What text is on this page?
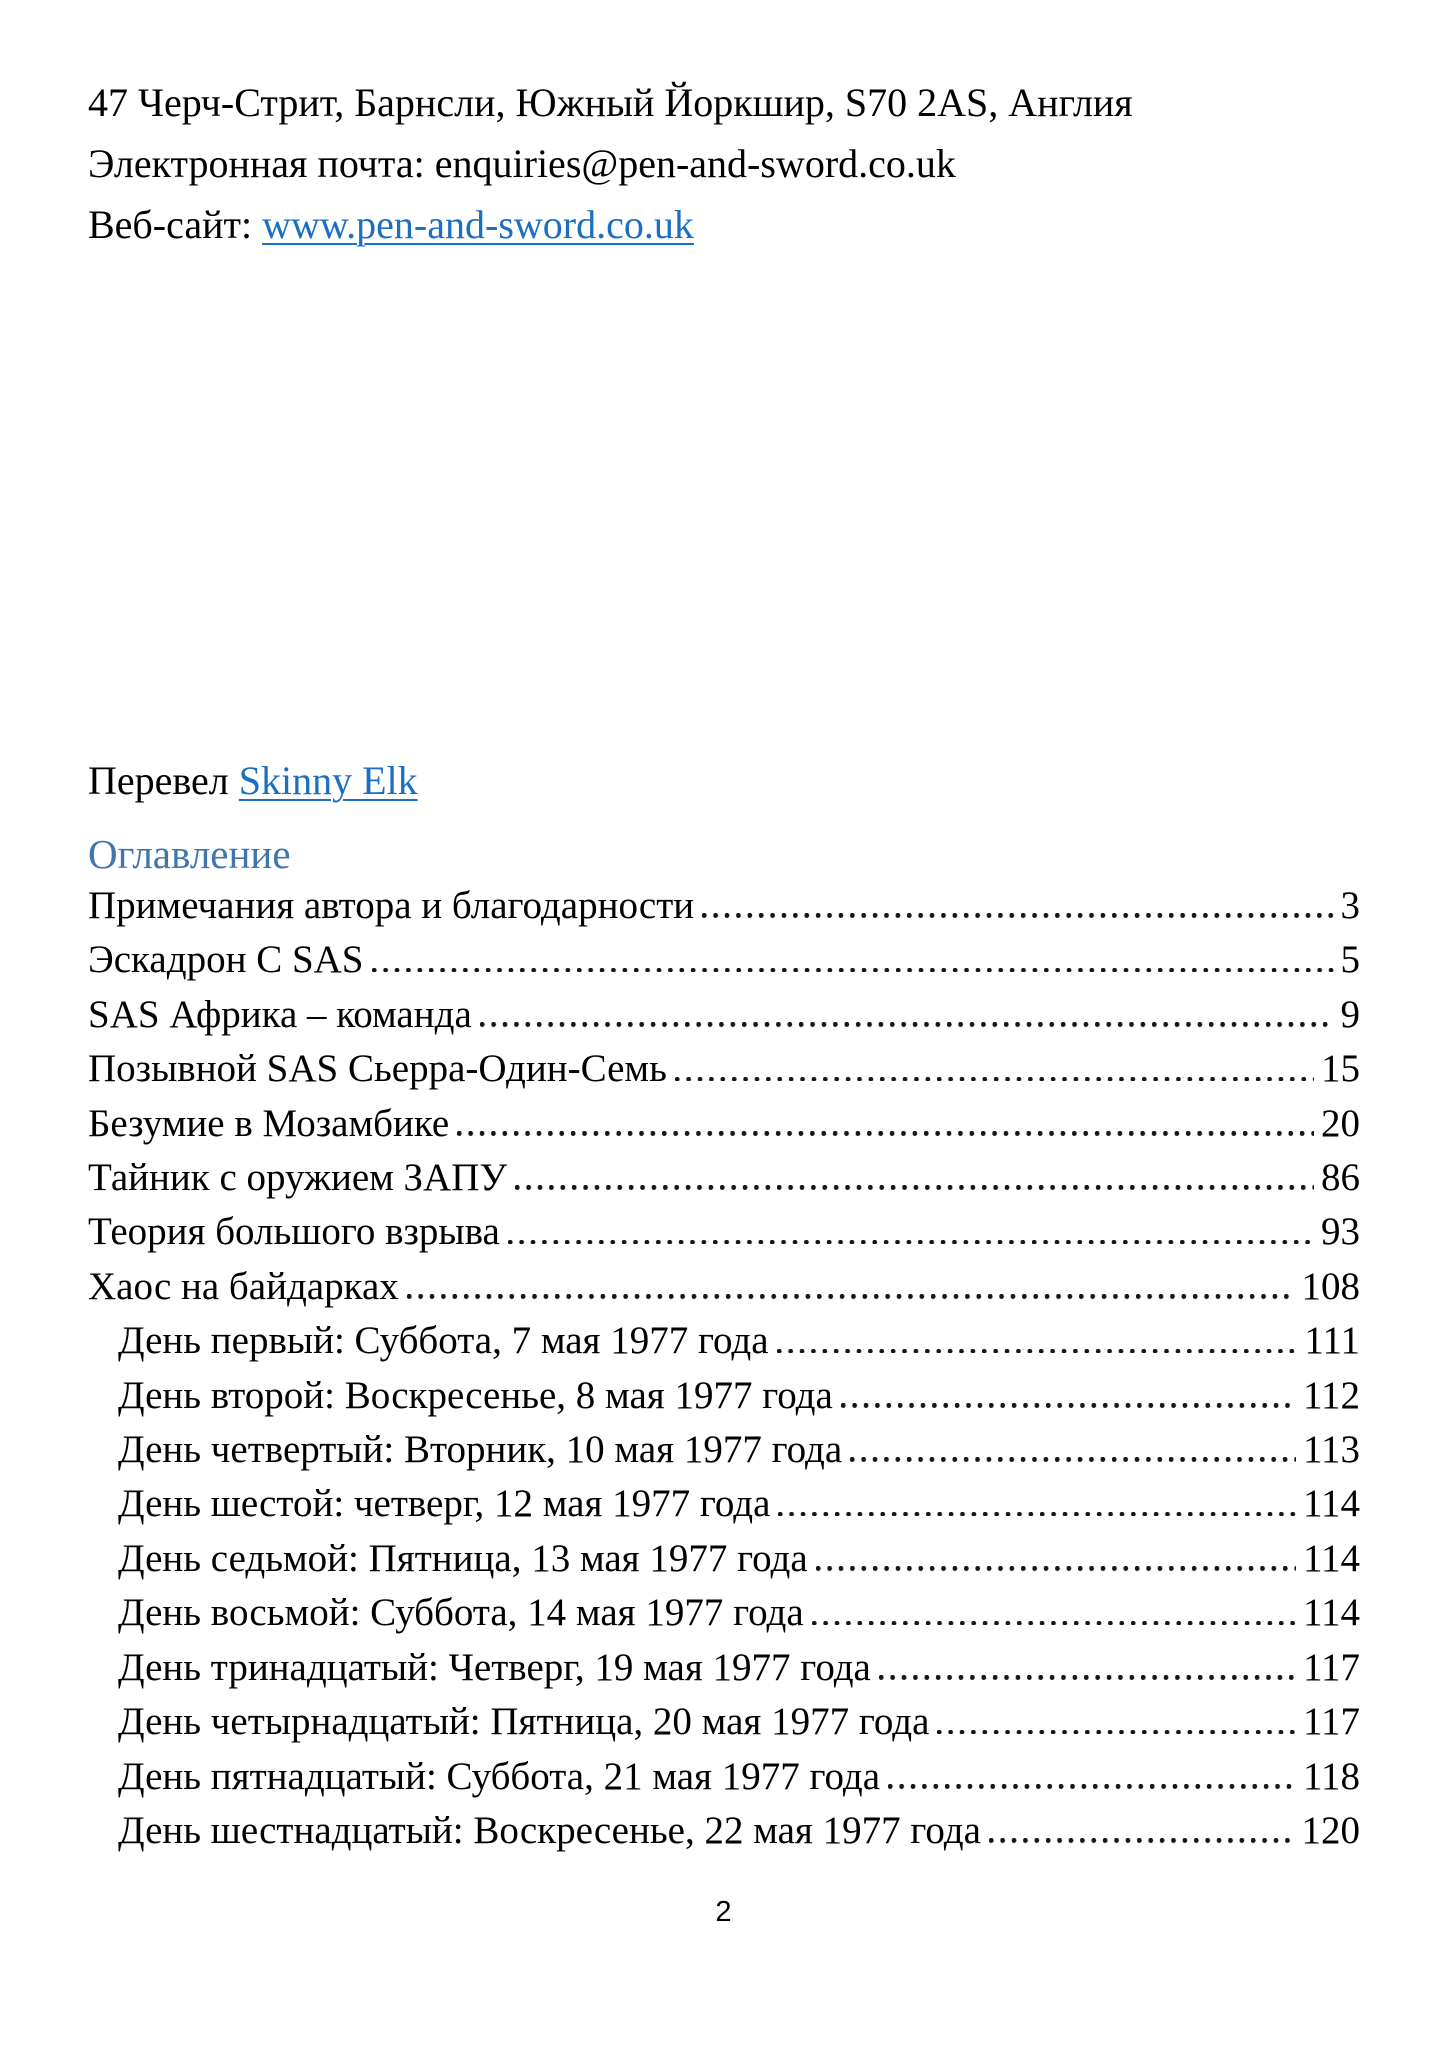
47 Черч-Стрит, Барнсли, Южный Йоркшир, S70 2AS, Англия

Электронная почта: enquiries@pen-and-sword.co.uk

Веб-сайт: www.pen-and-sword.co.uk

Перевел Skinny Elk

Оглавление
Примечания автора и благодарности	3
Эскадрон C SAS	5
SAS Африка – команда	9
Позывной SAS Сьерра-Один-Семь	15
Безумие в Мозамбике	20
Тайник с оружием ЗАПУ	86
Теория большого взрыва	93
Хаос на байдарках	108
День первый: Суббота, 7 мая 1977 года	111
День второй: Воскресенье, 8 мая 1977 года	112
День четвертый: Вторник, 10 мая 1977 года	113
День шестой: четверг, 12 мая 1977 года	114
День седьмой: Пятница, 13 мая 1977 года	114
День восьмой: Суббота, 14 мая 1977 года	114
День тринадцатый: Четверг, 19 мая 1977 года	117
День четырнадцатый: Пятница, 20 мая 1977 года	117
День пятнадцатый: Суббота, 21 мая 1977 года	118
День шестнадцатый: Воскресенье, 22 мая 1977 года	120
2
